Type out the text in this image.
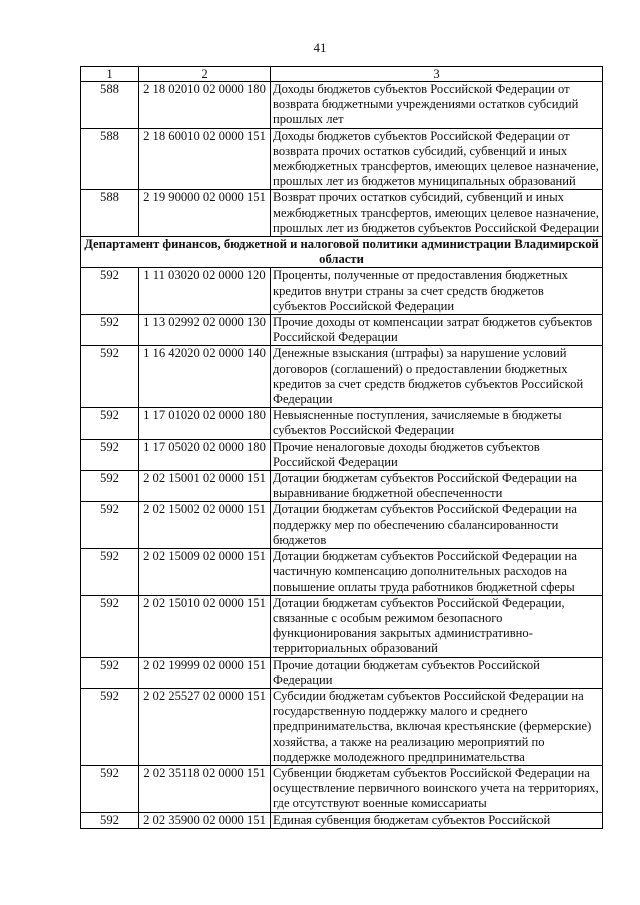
41
1	2	3
588	2 18 02010 02 0000 180	Доходы бюджетов субъектов Российской Федерации от возврата бюджетными учреждениями остатков субсидий прошлых лет
588	2 18 60010 02 0000 151	Доходы бюджетов субъектов Российской Федерации от возврата прочих остатков субсидий, субвенций и иных межбюджетных трансфертов, имеющих целевое назначение, прошлых лет из бюджетов муниципальных образований
588	2 19 90000 02 0000 151	Возврат прочих остатков субсидий, субвенций и иных межбюджетных трансфертов, имеющих целевое назначение, прошлых лет из бюджетов субъектов Российской Федерации
Департамент финансов, бюджетной и налоговой политики администрации Владимирской области		
592	1 11 03020 02 0000 120	Проценты, полученные от предоставления бюджетных кредитов внутри страны за счет средств бюджетов субъектов Российской Федерации
592	1 13 02992 02 0000 130	Прочие доходы от компенсации затрат бюджетов субъектов Российской Федерации
592	1 16 42020 02 0000 140	Денежные взыскания (штрафы) за нарушение условий договоров (соглашений) о предоставлении бюджетных кредитов за счет средств бюджетов субъектов Российской Федерации
592	1 17 01020 02 0000 180	Невыясненные поступления, зачисляемые в бюджеты субъектов Российской Федерации
592	1 17 05020 02 0000 180	Прочие неналоговые доходы бюджетов субъектов Российской Федерации
592	2 02 15001 02 0000 151	Дотации бюджетам субъектов Российской Федерации на выравнивание бюджетной обеспеченности
592	2 02 15002 02 0000 151	Дотации бюджетам субъектов Российской Федерации на поддержку мер по обеспечению сбалансированности бюджетов
592	2 02 15009 02 0000 151	Дотации бюджетам субъектов Российской Федерации на частичную компенсацию дополнительных расходов на повышение оплаты труда работников бюджетной сферы
592	2 02 15010 02 0000 151	Дотации бюджетам субъектов Российской Федерации, связанные с особым режимом безопасного функционирования закрытых административно-территориальных образований
592	2 02 19999 02 0000 151	Прочие дотации бюджетам субъектов Российской Федерации
592	2 02 25527 02 0000 151	Субсидии бюджетам субъектов Российской Федерации на государственную поддержку малого и среднего предпринимательства, включая крестьянские (фермерские) хозяйства, а также на реализацию мероприятий по поддержке молодежного предпринимательства
592	2 02 35118 02 0000 151	Субвенции бюджетам субъектов Российской Федерации на осуществление первичного воинского учета на территориях, где отсутствуют военные комиссариаты
592	2 02 35900 02 0000 151	Единая субвенция бюджетам субъектов Российской
